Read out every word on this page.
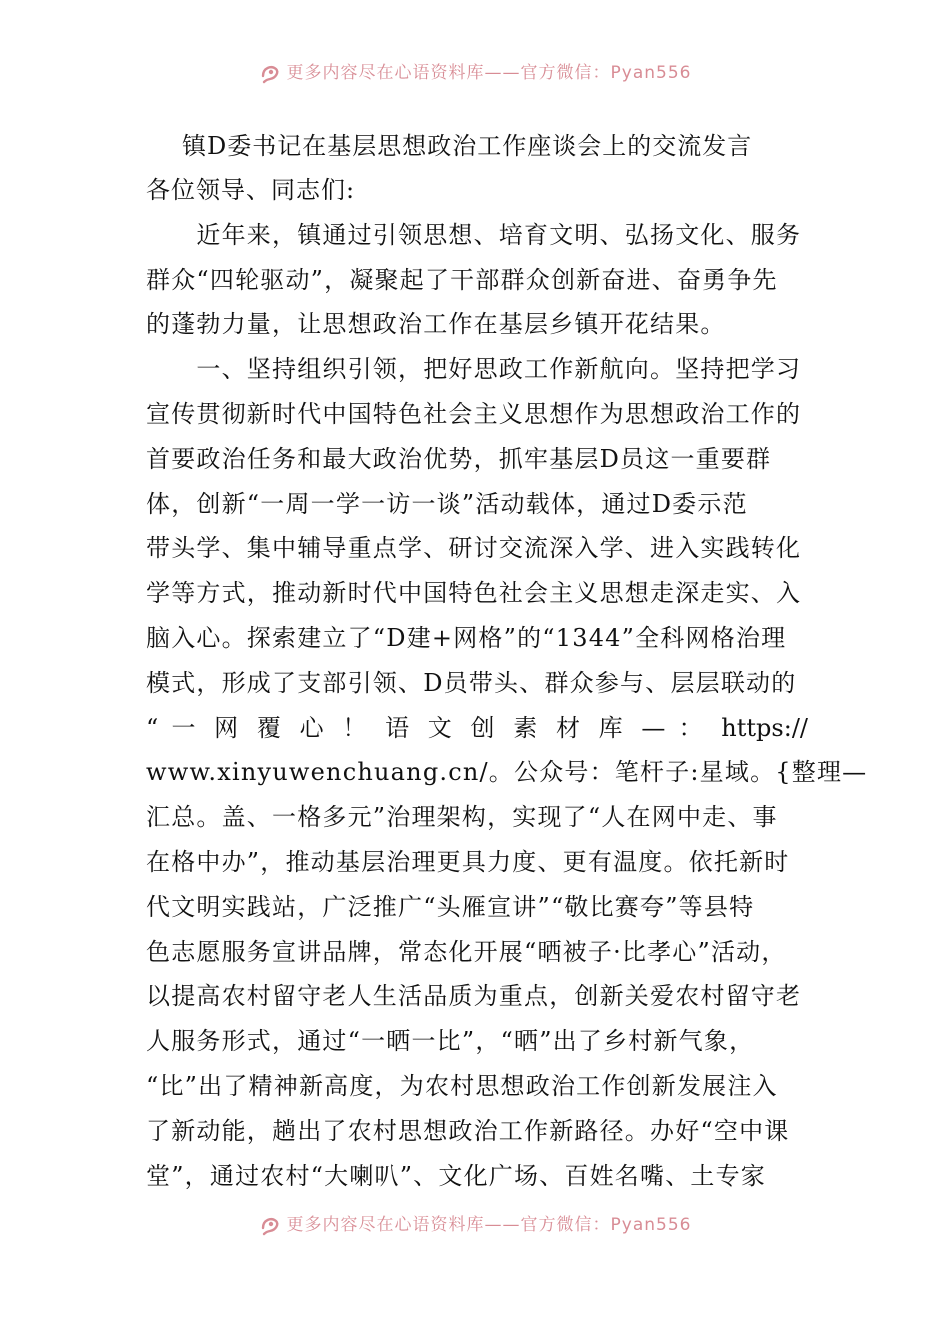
更多内容尽在心语资料库——官方微信：Pyan556
镇D委书记在基层思想政治工作座谈会上的交流发言

各位领导、同志们:

　　近年来，镇通过引领思想、培育文明、弘扬文化、服务

群众“四轮驱动”，凝聚起了干部群众创新奋进、奋勇争先

的蓬勃力量，让思想政治工作在基层乡镇开花结果。

　　一、坚持组织引领，把好思政工作新航向。坚持把学习

宣传贯彻新时代中国特色社会主义思想作为思想政治工作的

首要政治任务和最大政治优势，抓牢基层D员这一重要群

体，创新“一周一学一访一谈”活动载体，通过D委示范

带头学、集中辅导重点学、研讨交流深入学、进入实践转化

学等方式，推动新时代中国特色社会主义思想走深走实、入

脑入心。探索建立了“D建+网格”的“1344”全科网格治理

模式，形成了支部引领、D员带头、群众参与、层层联动的

“ 一 网 覆 心 ！ 语 文 创 素 材 库 — ： https://

www.xinyuwenchuang.cn/。公众号：笔杆子:星域。{整理—

汇总。盖、一格多元”治理架构，实现了“人在网中走、事

在格中办”，推动基层治理更具力度、更有温度。依托新时

代文明实践站，广泛推广“头雁宣讲”“敬比赛夸”等县特

色志愿服务宣讲品牌，常态化开展“晒被子·比孝心”活动，

以提高农村留守老人生活品质为重点，创新关爱农村留守老

人服务形式，通过“一晒一比”，“晒”出了乡村新气象，

“比”出了精神新高度，为农村思想政治工作创新发展注入

了新动能，趟出了农村思想政治工作新路径。办好“空中课

堂”，通过农村“大喇叭”、文化广场、百姓名嘴、土专家

更多内容尽在心语资料库——官方微信：Pyan556
